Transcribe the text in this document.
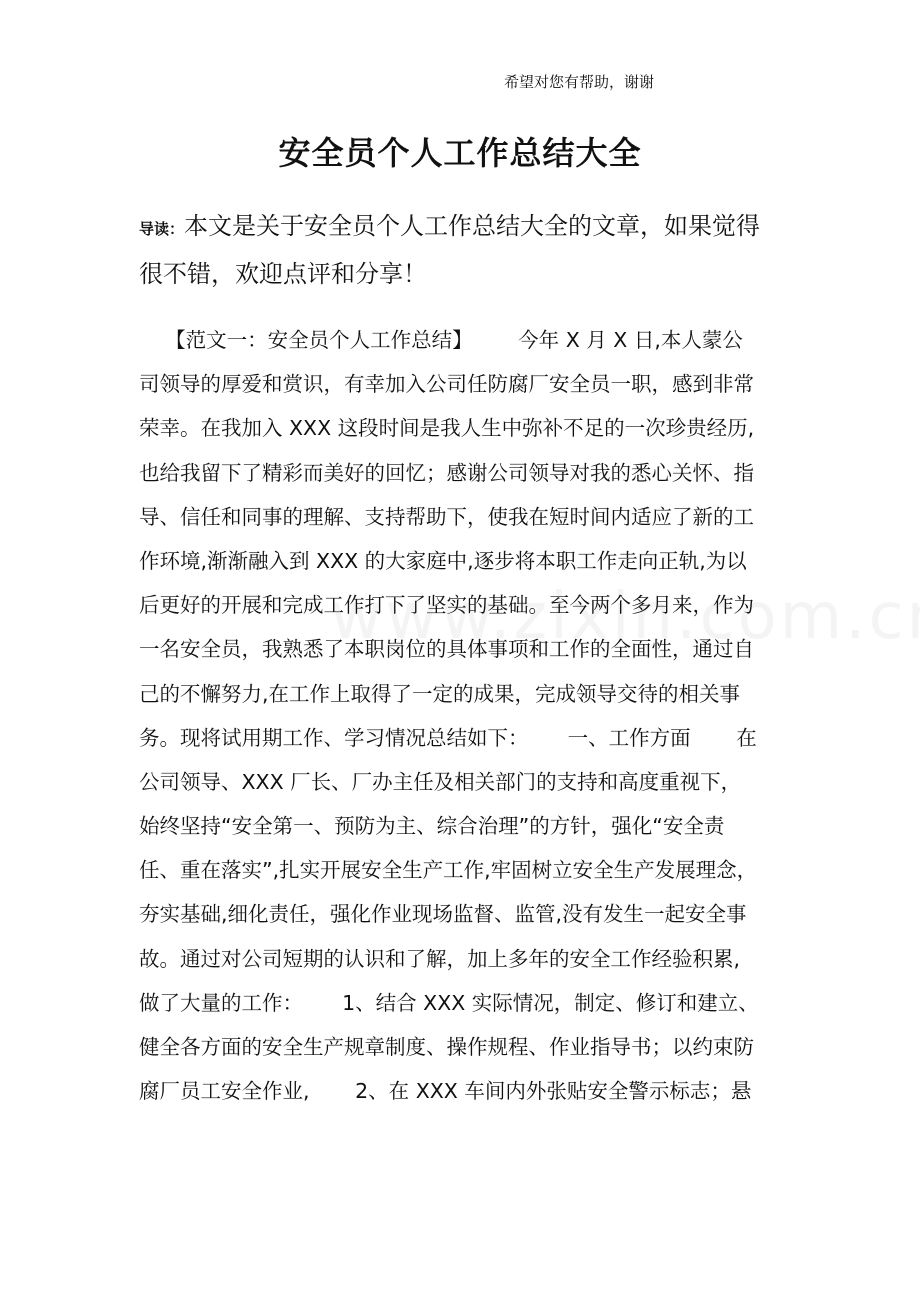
希望对您有帮助，谢谢
安全员个人工作总结大全
导读：本文是关于安全员个人工作总结大全的文章，如果觉得
很不错，欢迎点评和分享！
【范文一：安全员个人工作总结】       今年 X 月 X 日,本人蒙公
司领导的厚爱和赏识，有幸加入公司任防腐厂安全员一职，感到非常
荣幸。在我加入 XXX 这段时间是我人生中弥补不足的一次珍贵经历,
也给我留下了精彩而美好的回忆；感谢公司领导对我的悉心关怀、指
导、信任和同事的理解、支持帮助下，使我在短时间内适应了新的工
作环境,渐渐融入到 XXX 的大家庭中,逐步将本职工作走向正轨,为以
后更好的开展和完成工作打下了坚实的基础。至今两个多月来，作为
一名安全员，我熟悉了本职岗位的具体事项和工作的全面性，通过自
己的不懈努力,在工作上取得了一定的成果，完成领导交待的相关事
务。现将试用期工作、学习情况总结如下：      一、工作方面       在
公司领导、XXX 厂长、厂办主任及相关部门的支持和高度重视下，
始终坚持“安全第一、预防为主、综合治理”的方针，强化“安全责
任、重在落实”,扎实开展安全生产工作,牢固树立安全生产发展理念，
夯实基础,细化责任，强化作业现场监督、监管,没有发生一起安全事
故。通过对公司短期的认识和了解，加上多年的安全工作经验积累,
做了大量的工作：      1、结合 XXX 实际情况，制定、修订和建立、
健全各方面的安全生产规章制度、操作规程、作业指导书；以约束防
腐厂员工安全作业,       2、在 XXX 车间内外张贴安全警示标志；悬
